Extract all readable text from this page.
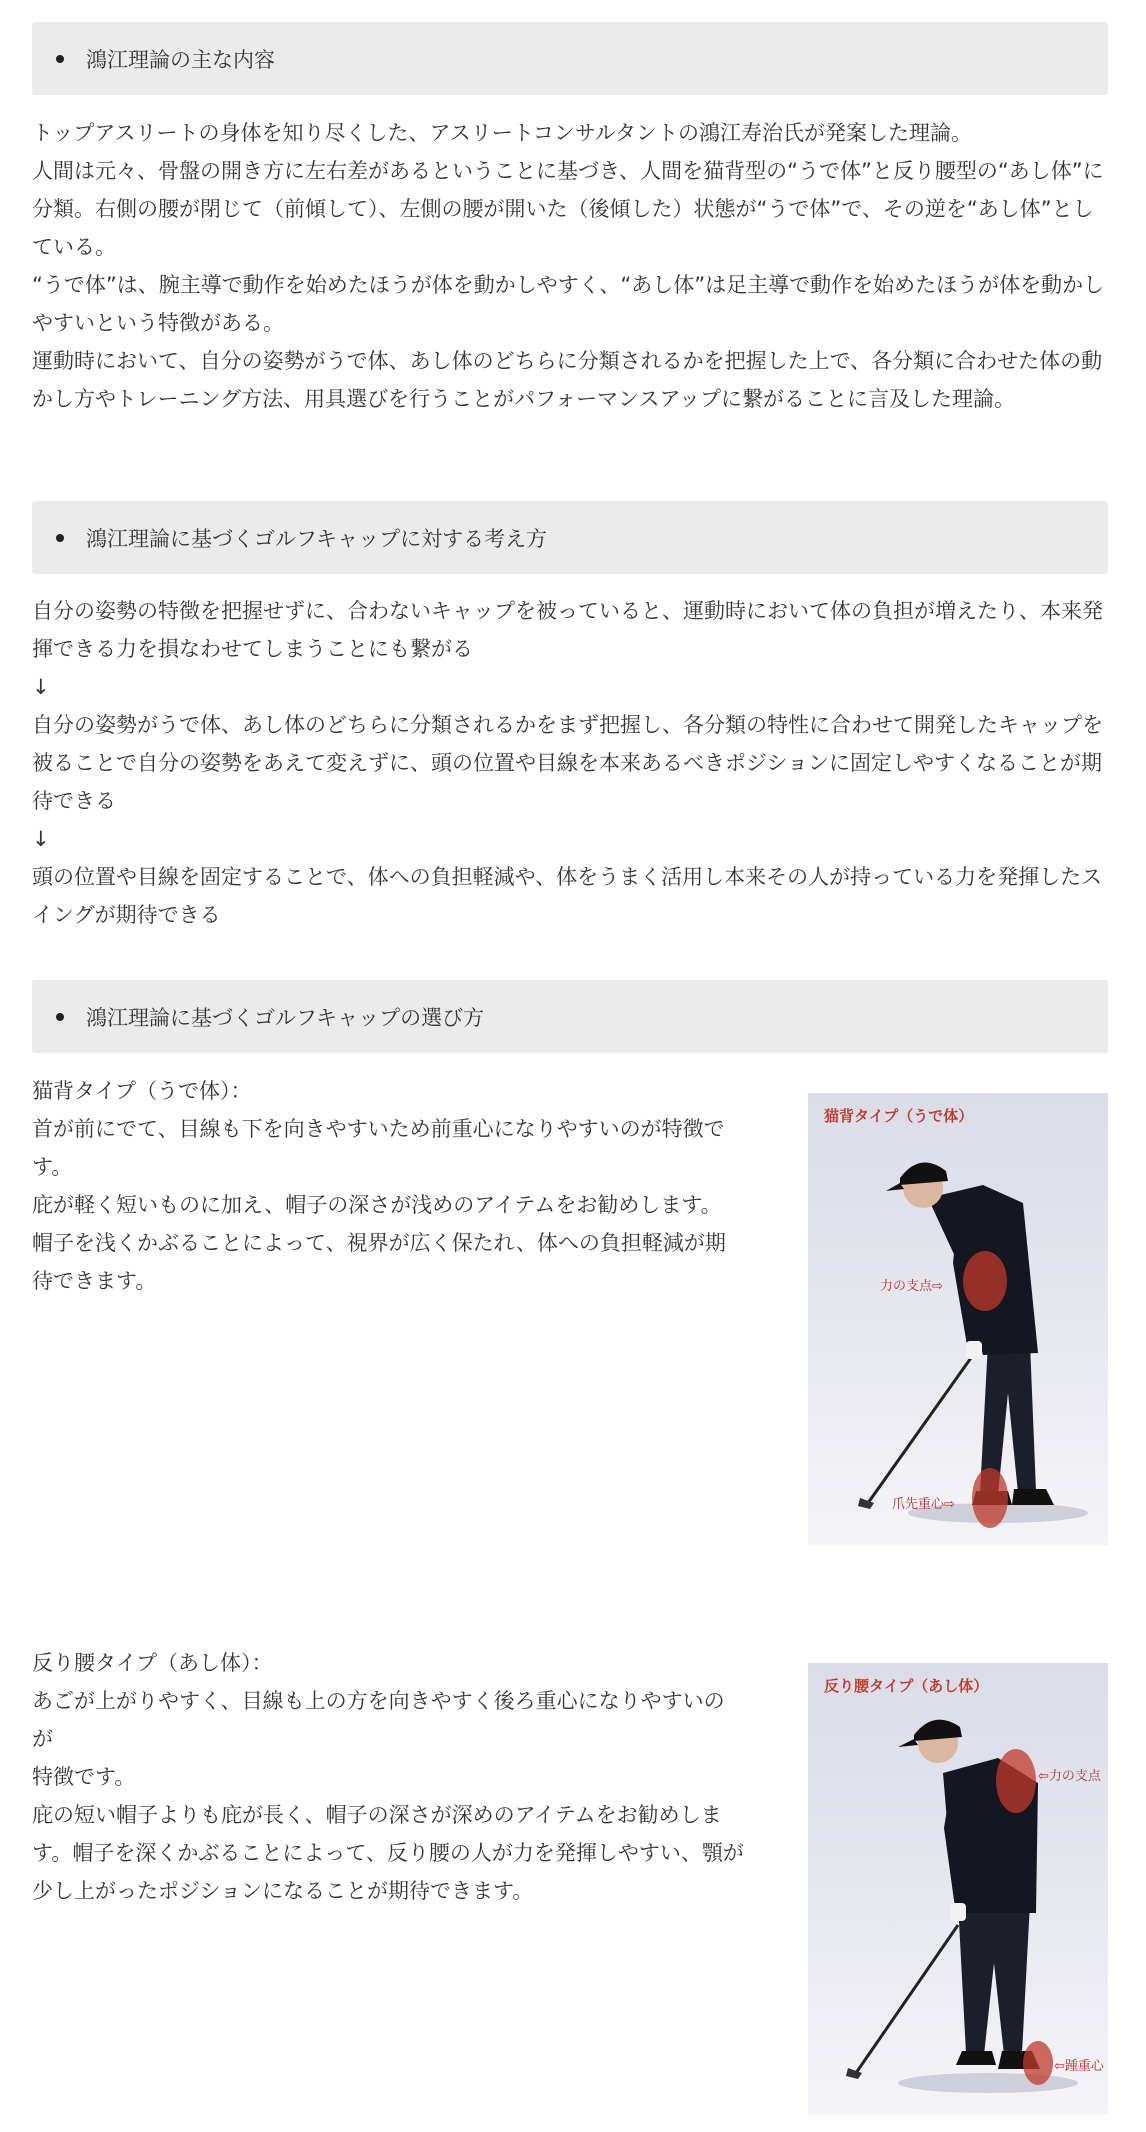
鴻江理論の主な内容

トップアスリートの身体を知り尽くした、アスリートコンサルタントの鴻江寿治氏が発案した理論。

人間は元々、骨盤の開き方に左右差があるということに基づき、人間を猫背型の“うで体”と反り腰型の“あし体”に分類。右側の腰が閉じて（前傾して）、左側の腰が開いた（後傾した）状態が“うで体”で、その逆を“あし体”としている。

“うで体”は、腕主導で動作を始めたほうが体を動かしやすく、“あし体”は足主導で動作を始めたほうが体を動かしやすいという特徴がある。

運動時において、自分の姿勢がうで体、あし体のどちらに分類されるかを把握した上で、各分類に合わせた体の動かし方やトレーニング方法、用具選びを行うことがパフォーマンスアップに繋がることに言及した理論。

鴻江理論に基づくゴルフキャップに対する考え方

自分の姿勢の特徴を把握せずに、合わないキャップを被っていると、運動時において体の負担が増えたり、本来発揮できる力を損なわせてしまうことにも繋がる

↓

自分の姿勢がうで体、あし体のどちらに分類されるかをまず把握し、各分類の特性に合わせて開発したキャップを被ることで自分の姿勢をあえて変えずに、頭の位置や目線を本来あるべきポジションに固定しやすくなることが期待できる

↓

頭の位置や目線を固定することで、体への負担軽減や、体をうまく活用し本来その人が持っている力を発揮したスイングが期待できる

鴻江理論に基づくゴルフキャップの選び方

猫背タイプ（うで体）：

首が前にでて、目線も下を向きやすいため前重心になりやすいのが特徴です。

庇が軽く短いものに加え、帽子の深さが浅めのアイテムをお勧めします。

帽子を浅くかぶることによって、視界が広く保たれ、体への負担軽減が期待できます。

猫背タイプ（うで体）
力の支点⇨
爪先重心⇨

反り腰タイプ（あし体）：

あごが上がりやすく、目線も上の方を向きやすく後ろ重心になりやすいのが

特徴です。

庇の短い帽子よりも庇が長く、帽子の深さが深めのアイテムをお勧めします。帽子を深くかぶることによって、反り腰の人が力を発揮しやすい、顎が少し上がったポジションになることが期待できます。

反り腰タイプ（あし体）
⇦力の支点
⇦踵重心
